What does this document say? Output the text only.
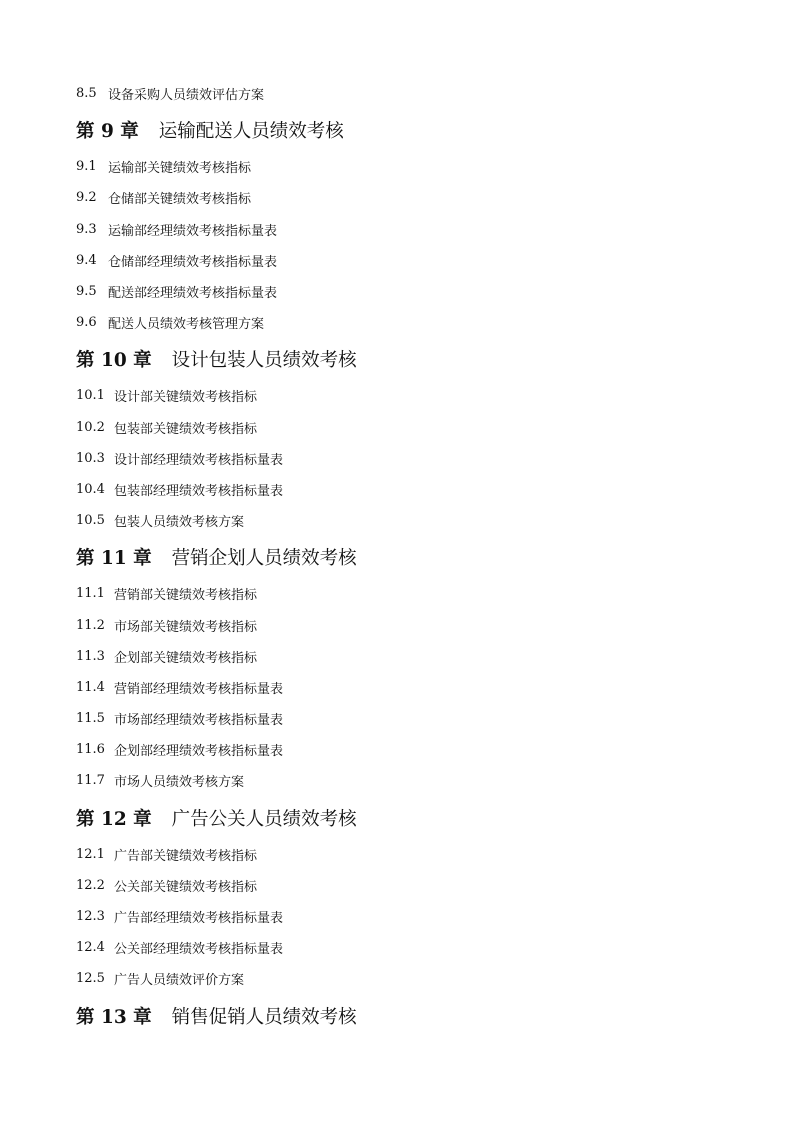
8.5 设备采购人员绩效评估方案
第 9 章 运输配送人员绩效考核
9.1 运输部关键绩效考核指标
9.2 仓储部关键绩效考核指标
9.3 运输部经理绩效考核指标量表
9.4 仓储部经理绩效考核指标量表
9.5 配送部经理绩效考核指标量表
9.6 配送人员绩效考核管理方案
第 10 章 设计包装人员绩效考核
10.1 设计部关键绩效考核指标
10.2 包装部关键绩效考核指标
10.3 设计部经理绩效考核指标量表
10.4 包装部经理绩效考核指标量表
10.5 包装人员绩效考核方案
第 11 章 营销企划人员绩效考核
11.1 营销部关键绩效考核指标
11.2 市场部关键绩效考核指标
11.3 企划部关键绩效考核指标
11.4 营销部经理绩效考核指标量表
11.5 市场部经理绩效考核指标量表
11.6 企划部经理绩效考核指标量表
11.7 市场人员绩效考核方案
第 12 章 广告公关人员绩效考核
12.1 广告部关键绩效考核指标
12.2 公关部关键绩效考核指标
12.3 广告部经理绩效考核指标量表
12.4 公关部经理绩效考核指标量表
12.5 广告人员绩效评价方案
第 13 章 销售促销人员绩效考核
